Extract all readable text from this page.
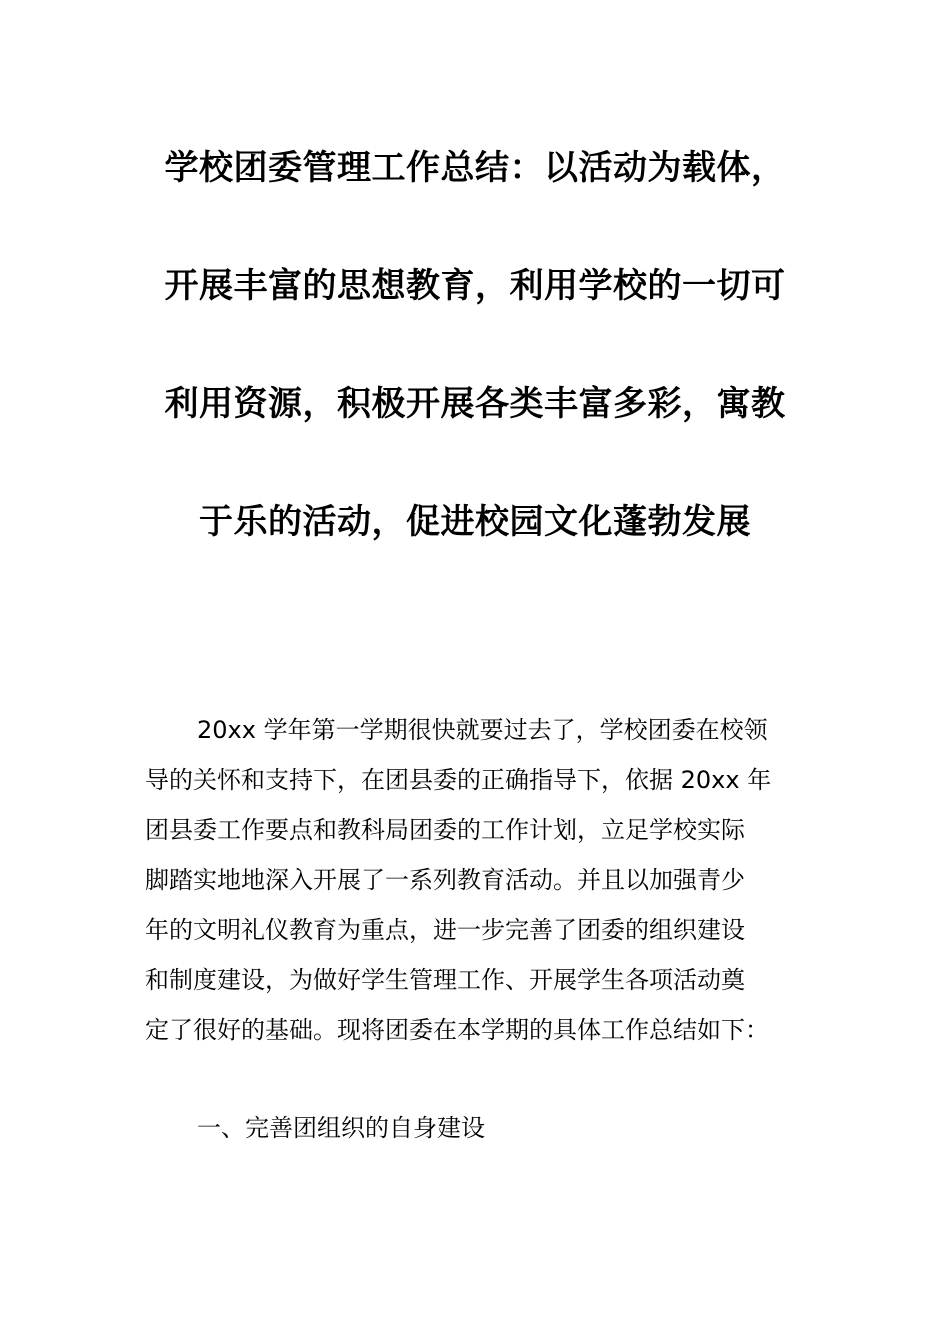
学校团委管理工作总结：以活动为载体，
开展丰富的思想教育，利用学校的一切可
利用资源，积极开展各类丰富多彩，寓教
于乐的活动，促进校园文化蓬勃发展
20xx 学年第一学期很快就要过去了，学校团委在校领
导的关怀和支持下，在团县委的正确指导下，依据 20xx 年
团县委工作要点和教科局团委的工作计划，立足学校实际
脚踏实地地深入开展了一系列教育活动。并且以加强青少
年的文明礼仪教育为重点，进一步完善了团委的组织建设
和制度建设，为做好学生管理工作、开展学生各项活动奠
定了很好的基础。现将团委在本学期的具体工作总结如下：
一、完善团组织的自身建设
